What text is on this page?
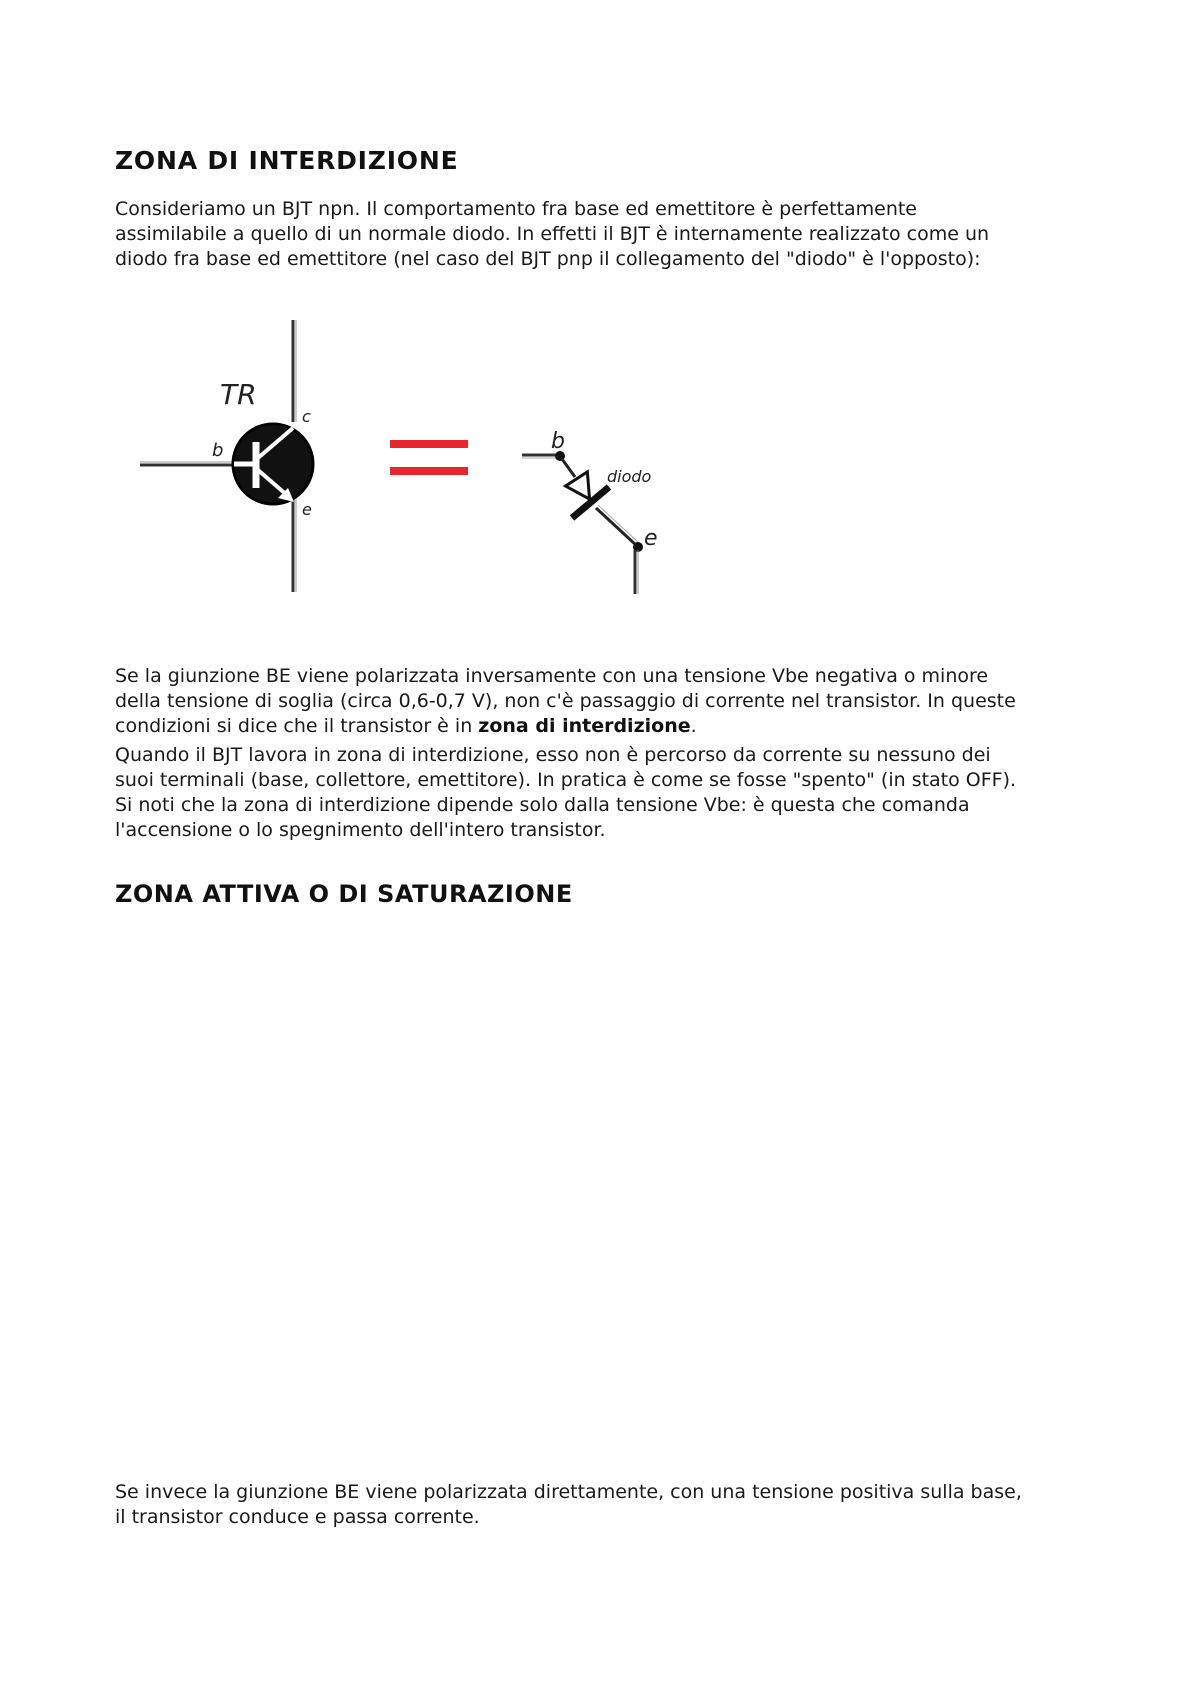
ZONA DI INTERDIZIONE

Consideriamo un BJT npn. Il comportamento fra base ed emettitore è perfettamente
assimilabile a quello di un normale diodo. In effetti il BJT è internamente realizzato come un
diodo fra base ed emettitore (nel caso del BJT pnp il collegamento del "diodo" è l'opposto):

TR
c
b
e
b
diodo
e

Se la giunzione BE viene polarizzata inversamente con una tensione Vbe negativa o minore
della tensione di soglia (circa 0,6-0,7 V), non c'è passaggio di corrente nel transistor. In queste
condizioni si dice che il transistor è in zona di interdizione.

Quando il BJT lavora in zona di interdizione, esso non è percorso da corrente su nessuno dei
suoi terminali (base, collettore, emettitore). In pratica è come se fosse "spento" (in stato OFF).
Si noti che la zona di interdizione dipende solo dalla tensione Vbe: è questa che comanda
l'accensione o lo spegnimento dell'intero transistor.

ZONA ATTIVA O DI SATURAZIONE

Se invece la giunzione BE viene polarizzata direttamente, con una tensione positiva sulla base,
il transistor conduce e passa corrente.
